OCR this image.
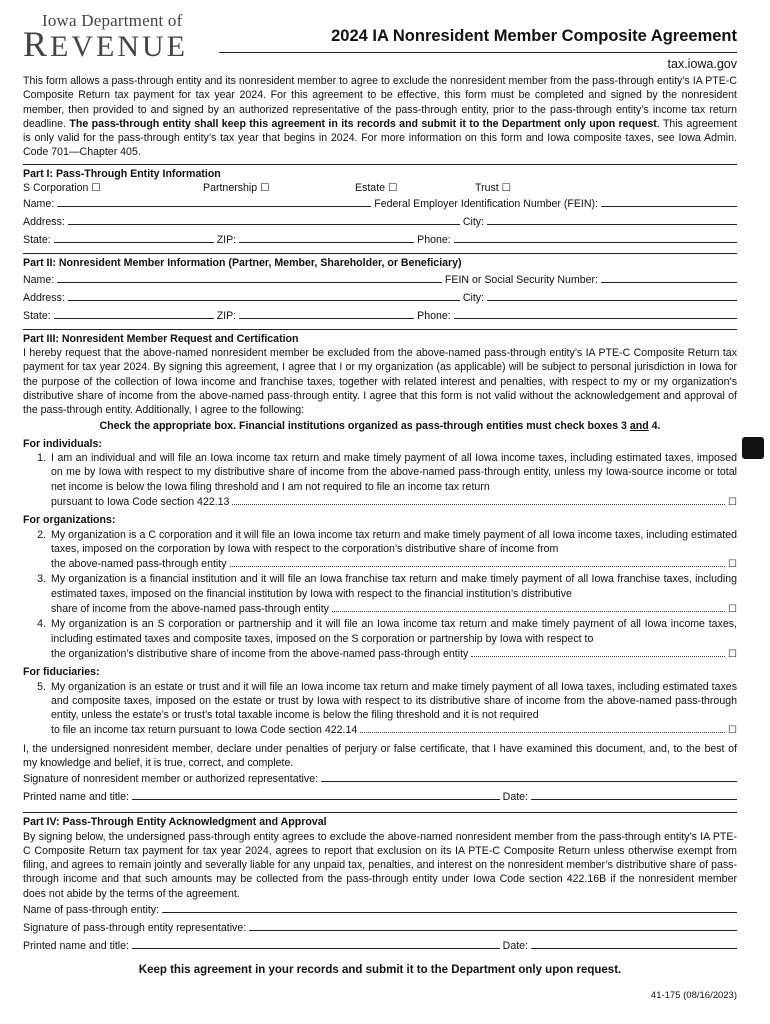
Iowa Department of
REVENUE	2024 IA Nonresident Member Composite Agreement
tax.iowa.gov

This form allows a pass-through entity and its nonresident member to agree to exclude the nonresident member from the pass-through entity’s IA PTE-C Composite Return tax payment for tax year 2024. For this agreement to be effective, this form must be completed and signed by the nonresident member, then provided to and signed by an authorized representative of the pass-through entity, prior to the pass-through entity’s income tax return deadline. The pass-through entity shall keep this agreement in its records and submit it to the Department only upon request. This agreement is only valid for the pass-through entity’s tax year that begins in 2024. For more information on this form and Iowa composite taxes, see Iowa Admin. Code 701—Chapter 405.

Part I: Pass-Through Entity Information
S Corporation ☐	Partnership ☐	Estate ☐	Trust ☐
Name:	Federal Employer Identification Number (FEIN):
Address:	City:
State:	ZIP:	Phone:
Part II: Nonresident Member Information (Partner, Member, Shareholder, or Beneficiary)
Name:	FEIN or Social Security Number:
Address:	City:
State:	ZIP:	Phone:
Part III: Nonresident Member Request and Certification

I hereby request that the above-named nonresident member be excluded from the above-named pass-through entity’s IA PTE-C Composite Return tax payment for tax year 2024. By signing this agreement, I agree that I or my organization (as applicable) will be subject to personal jurisdiction in Iowa for the purpose of the collection of Iowa income and franchise taxes, together with related interest and penalties, with respect to my or my organization’s distributive share of income from the above-named pass-through entity. I agree that this form is not valid without the acknowledgement and approval of the pass-through entity. Additionally, I agree to the following:

Check the appropriate box. Financial institutions organized as pass-through entities must check boxes 3 and 4.
For individuals:
1. I am an individual and will file an Iowa income tax return and make timely payment of all Iowa income taxes, including estimated taxes, imposed on me by Iowa with respect to my distributive share of income from the above-named pass-through entity, unless my Iowa-source income or total net income is below the Iowa filing threshold and I am not required to file an income tax return
pursuant to Iowa Code section 422.13	☐
For organizations:
2. My organization is a C corporation and it will file an Iowa income tax return and make timely payment of all Iowa income taxes, including estimated taxes, imposed on the corporation by Iowa with respect to the corporation’s distributive share of income from
the above-named pass-through entity	☐
3. My organization is a financial institution and it will file an Iowa franchise tax return and make timely payment of all Iowa franchise taxes, including estimated taxes, imposed on the financial institution by Iowa with respect to the financial institution’s distributive
share of income from the above-named pass-through entity	☐
4. My organization is an S corporation or partnership and it will file an Iowa income tax return and make timely payment of all Iowa income taxes, including estimated taxes and composite taxes, imposed on the S corporation or partnership by Iowa with respect to
the organization’s distributive share of income from the above-named pass-through entity	☐
For fiduciaries:
5. My organization is an estate or trust and it will file an Iowa income tax return and make timely payment of all Iowa taxes, including estimated taxes and composite taxes, imposed on the estate or trust by Iowa with respect to its distributive share of income from the above-named pass-through entity, unless the estate’s or trust’s total taxable income is below the filing threshold and it is not required
to file an income tax return pursuant to Iowa Code section 422.14	☐

I, the undersigned nonresident member, declare under penalties of perjury or false certificate, that I have examined this document, and, to the best of my knowledge and belief, it is true, correct, and complete.

Signature of nonresident member or authorized representative:
Printed name and title:	Date:
Part IV: Pass-Through Entity Acknowledgment and Approval

By signing below, the undersigned pass-through entity agrees to exclude the above-named nonresident member from the pass-through entity’s IA PTE-C Composite Return tax payment for tax year 2024, agrees to report that exclusion on its IA PTE-C Composite Return unless otherwise exempt from filing, and agrees to remain jointly and severally liable for any unpaid tax, penalties, and interest on the nonresident member’s distributive share of pass-through income and that such amounts may be collected from the pass-through entity under Iowa Code section 422.16B if the nonresident member does not abide by the terms of the agreement.

Name of pass-through entity:
Signature of pass-through entity representative:
Printed name and title:	Date:
Keep this agreement in your records and submit it to the Department only upon request.
41-175 (08/16/2023)
